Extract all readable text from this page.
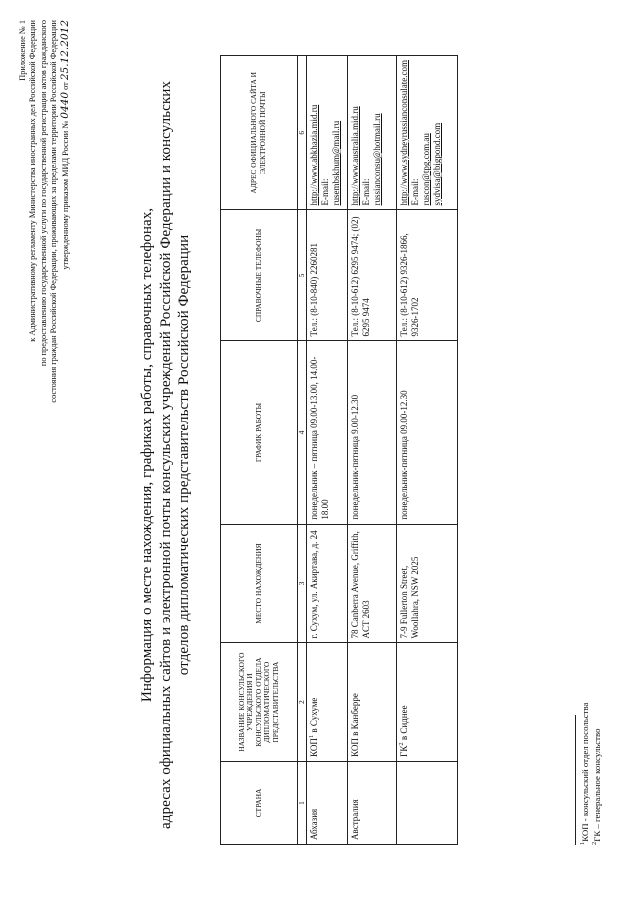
Приложение № 1 к Административному регламенту Министерства иностранных дел Российской Федерации по предоставлению государственной услуги по государственной регистрации актов гражданского состояния граждан Российской Федерации, проживающих за пределами территории Российской Федерации утвержденному приказом МИД России № 0440 от 25.12.2012
Информация о месте нахождения, графиках работы, справочных телефонах, адресах официальных сайтов и электронной почты консульских учреждений Российской Федерации и консульских отделов дипломатических представительств Российской Федерации
СТРАНА	НАЗВАНИЕ КОНСУЛЬСКОГО УЧРЕЖДЕНИЯ И КОНСУЛЬСКОГО ОТДЕЛА ДИПЛОМАТИЧЕСКОГО ПРЕДСТАВИТЕЛЬСТВА	МЕСТО НАХОЖДЕНИЯ	ГРАФИК РАБОТЫ	СПРАВОЧНЫЕ ТЕЛЕФОНЫ	АДРЕС ОФИЦИАЛЬНОГО САЙТА И ЭЛЕКТРОННОЙ ПОЧТЫ
1	2	3	4	5	6
Абхазия	КОП$^1$ в Сухуме	г. Сухум, ул. Акиртава, д. 24	понедельник – пятница 09.00-13.00, 14.00-18.00	Тел.: (8-10-840) 2260281	http://www.abkhazia.mid.ru E-mail: rusembskhum@mail.ru

Австралия	КОП в Канберре	78 Canberra Avenue, Griffith, ACT 2603	понедельник-пятница 9.00-12.30	Тел.: (8-10-612) 6295 9474; (02) 6295 9474	http://www.australia.mid.ru E-mail: russianconsu@hotmail.ru

	$ГК^2$ в Сиднее	7-9 Fullerton Street, Woollahra, NSW 2025	понедельник-пятница 09.00-12.30	Тел.: (8-10-612) 9326-1866, 9326-1702	http://www.sydneyrussianconsulate.com E-mail: ruscon@tpg.com.au sydvisa@bigpond.com
$^1$КОП - консульский отдел посольства
$^2$ГК – генеральное консульство
